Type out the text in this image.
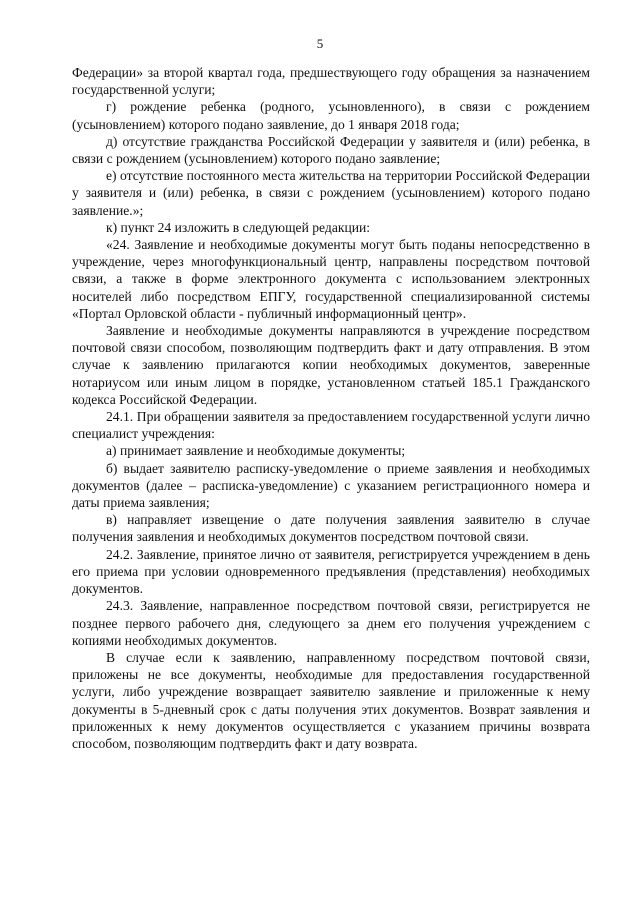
5

Федерации» за второй квартал года, предшествующего году обращения за назначением государственной услуги;

г) рождение ребенка (родного, усыновленного), в связи с рождением (усыновлением) которого подано заявление, до 1 января 2018 года;

д) отсутствие гражданства Российской Федерации у заявителя и (или) ребенка, в связи с рождением (усыновлением) которого подано заявление;

е) отсутствие постоянного места жительства на территории Российской Федерации у заявителя и (или) ребенка, в связи с рождением (усыновлением) которого подано заявление.»;

к) пункт 24 изложить в следующей редакции:

«24. Заявление и необходимые документы могут быть поданы непосредственно в учреждение, через многофункциональный центр, направлены посредством почтовой связи, а также в форме электронного документа с использованием электронных носителей либо посредством ЕПГУ, государственной специализированной системы «Портал Орловской области - публичный информационный центр».

Заявление и необходимые документы направляются в учреждение посредством почтовой связи способом, позволяющим подтвердить факт и дату отправления. В этом случае к заявлению прилагаются копии необходимых документов, заверенные нотариусом или иным лицом в порядке, установленном статьей 185.1 Гражданского кодекса Российской Федерации.

24.1. При обращении заявителя за предоставлением государственной услуги лично специалист учреждения:

а) принимает заявление и необходимые документы;

б) выдает заявителю расписку-уведомление о приеме заявления и необходимых документов (далее – расписка-уведомление) с указанием регистрационного номера и даты приема заявления;

в) направляет извещение о дате получения заявления заявителю в случае получения заявления и необходимых документов посредством почтовой связи.

24.2. Заявление, принятое лично от заявителя, регистрируется учреждением в день его приема при условии одновременного предъявления (представления) необходимых документов.

24.3. Заявление, направленное посредством почтовой связи, регистрируется не позднее первого рабочего дня, следующего за днем его получения учреждением с копиями необходимых документов.

В случае если к заявлению, направленному посредством почтовой связи, приложены не все документы, необходимые для предоставления государственной услуги, либо учреждение возвращает заявителю заявление и приложенные к нему документы в 5-дневный срок с даты получения этих документов. Возврат заявления и приложенных к нему документов осуществляется с указанием причины возврата способом, позволяющим подтвердить факт и дату возврата.
